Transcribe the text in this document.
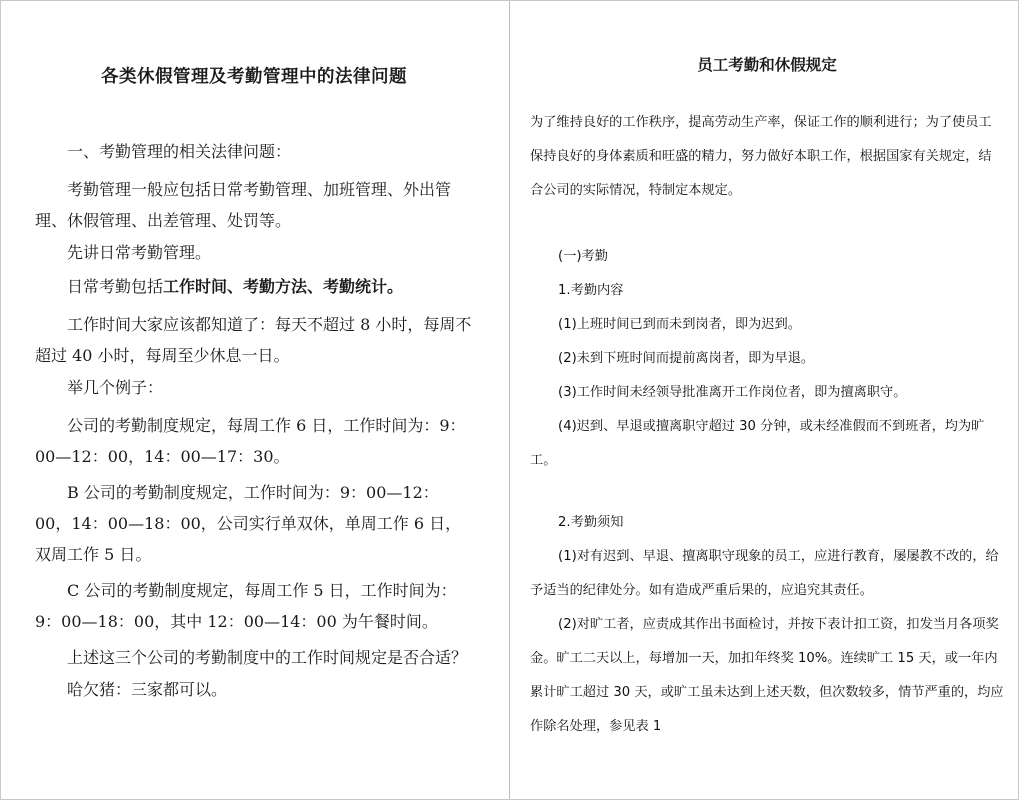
各类休假管理及考勤管理中的法律问题

一、考勤管理的相关法律问题：

考勤管理一般应包括日常考勤管理、加班管理、外出管理、休假管理、出差管理、处罚等。

先讲日常考勤管理。

日常考勤包括工作时间、考勤方法、考勤统计。

工作时间大家应该都知道了：每天不超过 8 小时，每周不超过 40 小时，每周至少休息一日。

举几个例子：

公司的考勤制度规定，每周工作 6 日，工作时间为：9：00—12：00，14：00—17：30。

B 公司的考勤制度规定，工作时间为：9：00—12：00，14：00—18：00，公司实行单双休，单周工作 6 日，双周工作 5 日。

C 公司的考勤制度规定，每周工作 5 日，工作时间为：9：00—18：00，其中 12：00—14：00 为午餐时间。

上述这三个公司的考勤制度中的工作时间规定是否合适？

哈欠猪：三家都可以。

员工考勤和休假规定

为了维持良好的工作秩序，提高劳动生产率，保证工作的顺利进行；为了使员工保持良好的身体素质和旺盛的精力，努力做好本职工作，根据国家有关规定，结合公司的实际情况，特制定本规定。

(一)考勤

1.考勤内容

(1)上班时间已到而未到岗者，即为迟到。

(2)未到下班时间而提前离岗者，即为早退。

(3)工作时间未经领导批准离开工作岗位者，即为擅离职守。

(4)迟到、早退或擅离职守超过 30 分钟，或未经准假而不到班者，均为旷工。

2.考勤须知

(1)对有迟到、早退、擅离职守现象的员工，应进行教育，屡屡教不改的，给予适当的纪律处分。如有造成严重后果的，应追究其责任。

(2)对旷工者，应责成其作出书面检讨，并按下表计扣工资，扣发当月各项奖金。旷工二天以上，每增加一天，加扣年终奖 10%。连续旷工 15 天，或一年内累计旷工超过 30 天，或旷工虽未达到上述天数，但次数较多，情节严重的，均应作除名处理，参见表 1
